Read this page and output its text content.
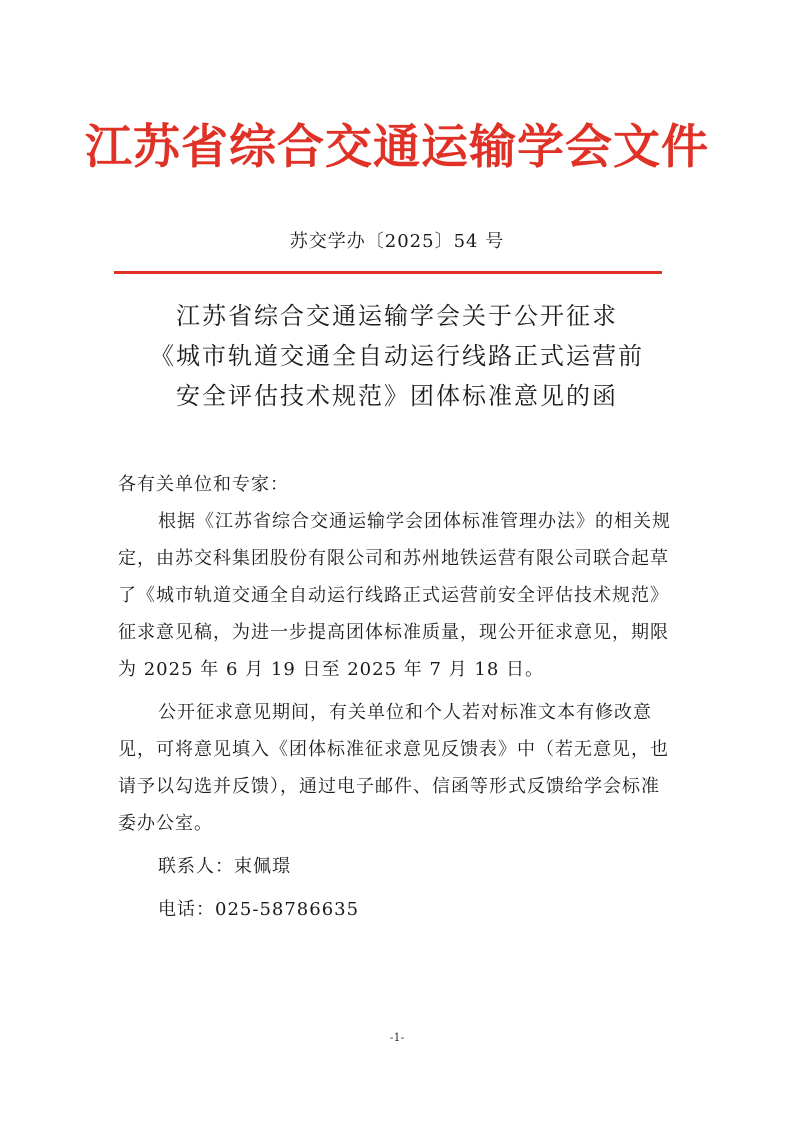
江苏省综合交通运输学会文件
苏交学办〔2025〕54 号
江苏省综合交通运输学会关于公开征求
《城市轨道交通全自动运行线路正式运营前
安全评估技术规范》团体标准意见的函

各有关单位和专家：

根据《江苏省综合交通运输学会团体标准管理办法》的相关规定，由苏交科集团股份有限公司和苏州地铁运营有限公司联合起草了《城市轨道交通全自动运行线路正式运营前安全评估技术规范》征求意见稿，为进一步提高团体标准质量，现公开征求意见，期限为 2025 年 6 月 19 日至 2025 年 7 月 18 日。

公开征求意见期间，有关单位和个人若对标准文本有修改意见，可将意见填入《团体标准征求意见反馈表》中（若无意见，也请予以勾选并反馈），通过电子邮件、信函等形式反馈给学会标准委办公室。

联系人：束佩璟

电话：025-58786635

-1-
